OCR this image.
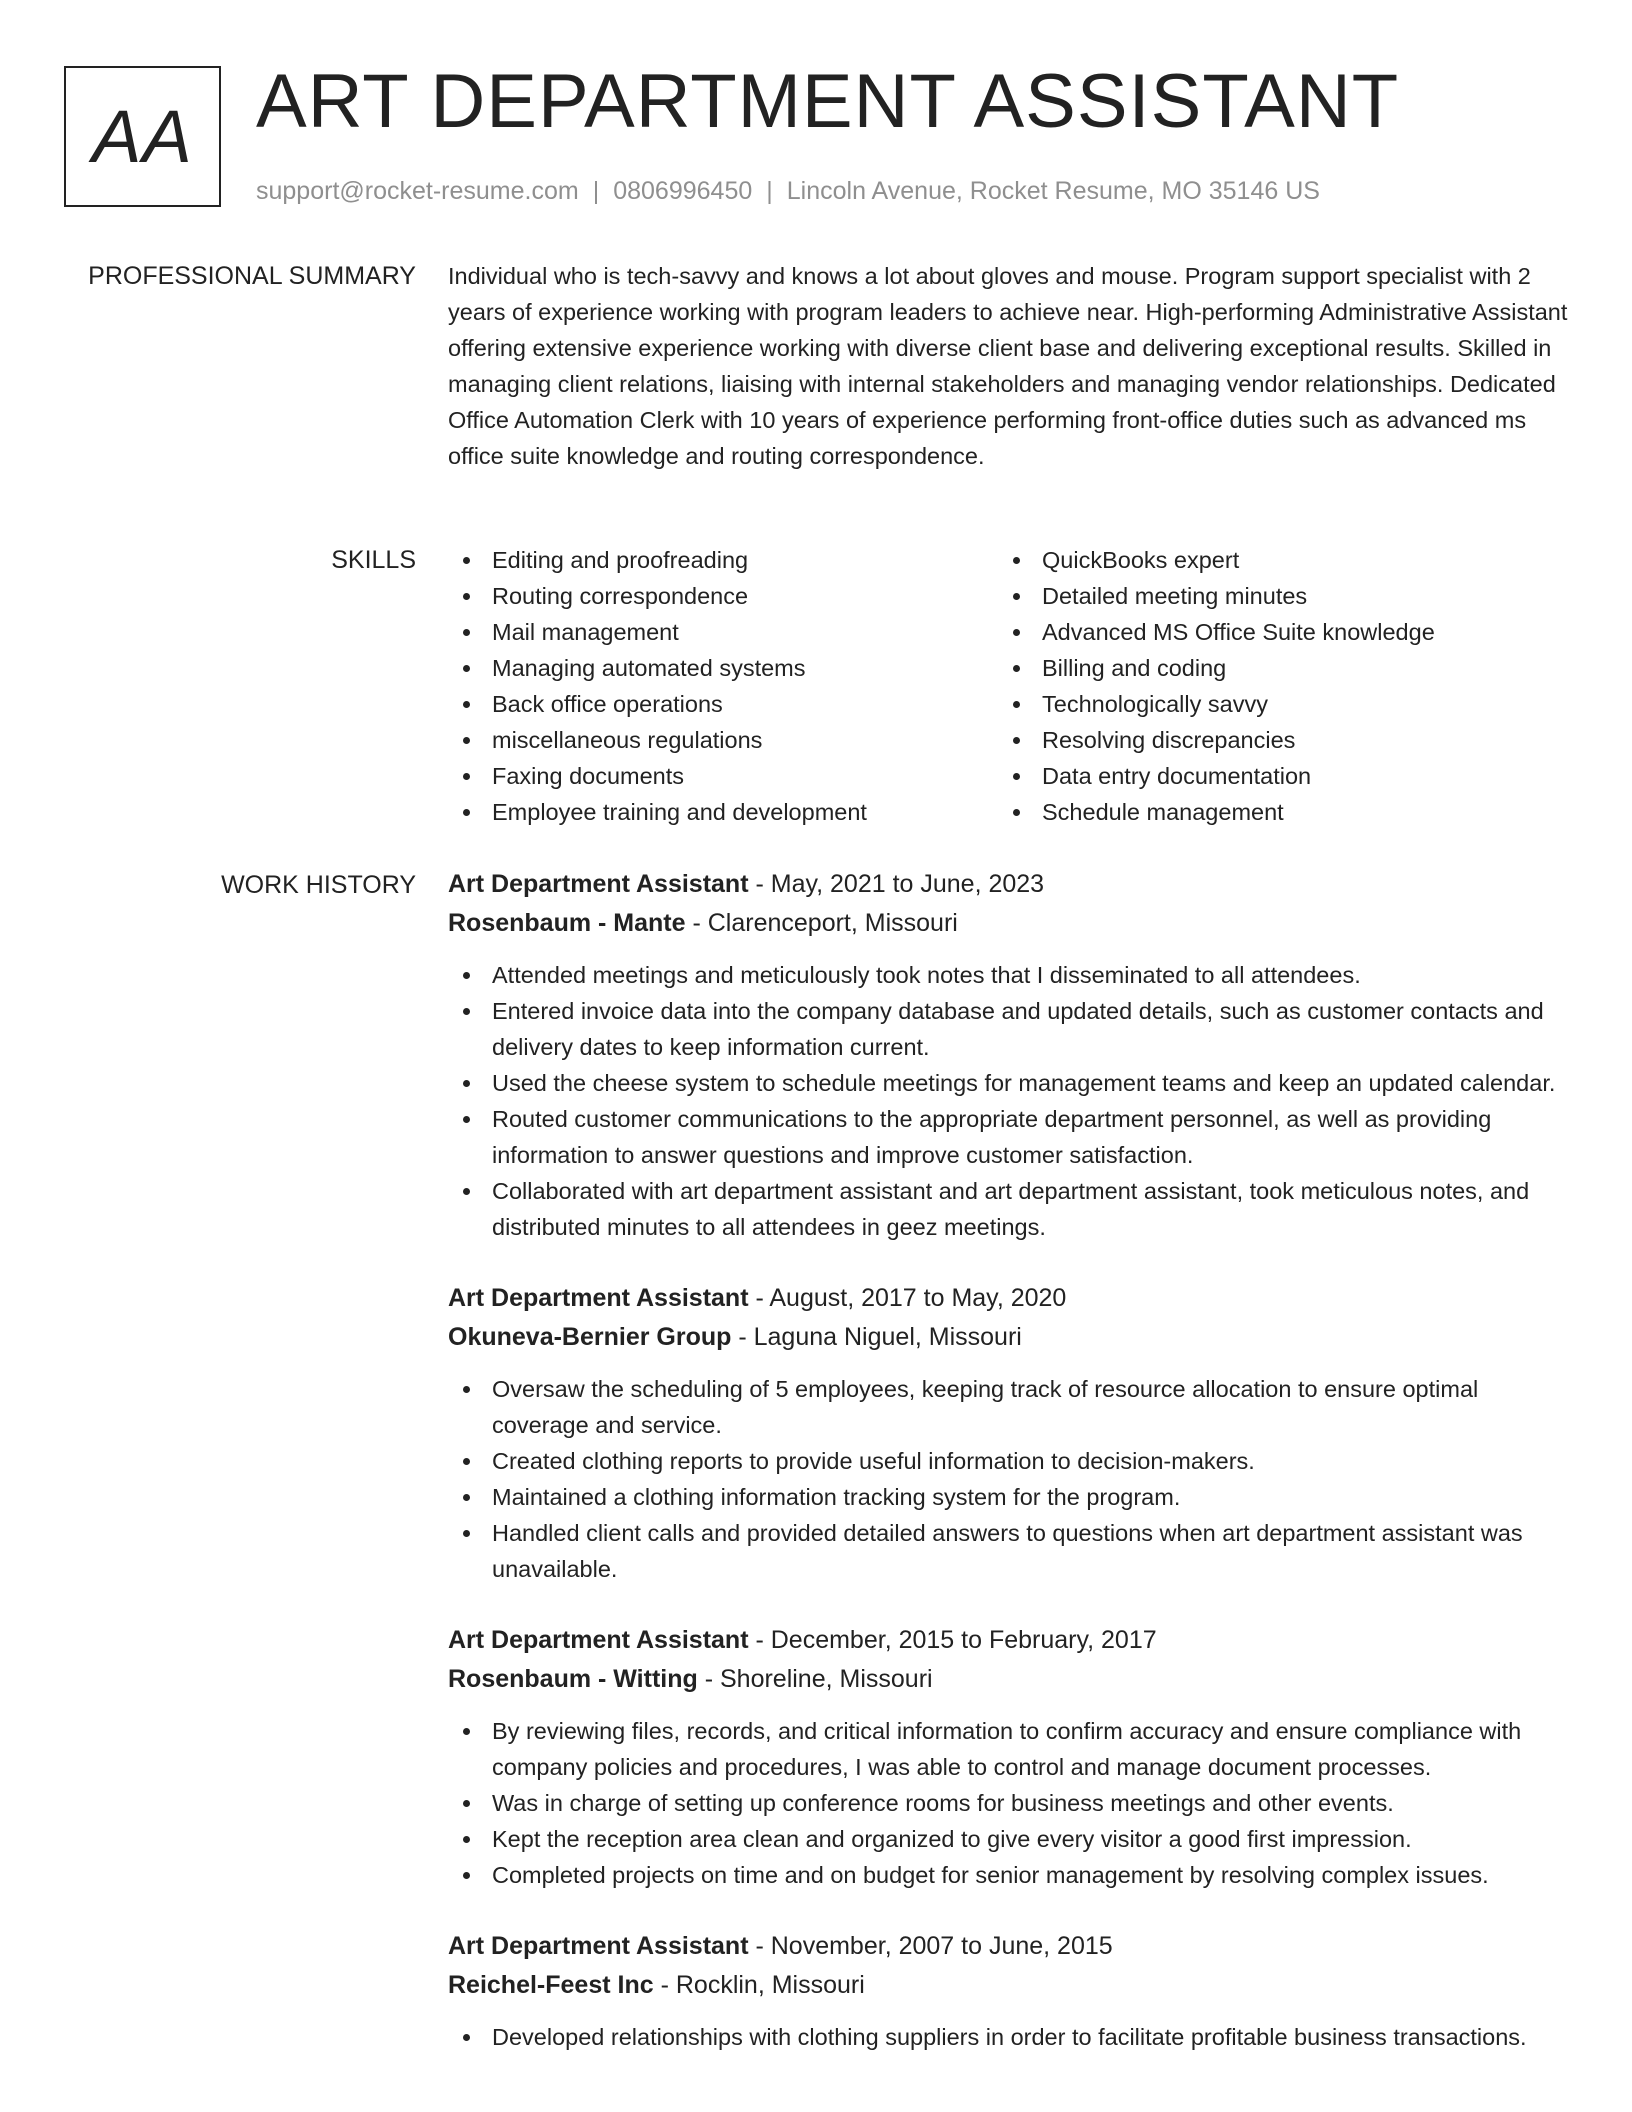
AA ART DEPARTMENT ASSISTANT
support@rocket-resume.com | 0806996450 | Lincoln Avenue, Rocket Resume, MO 35146 US
PROFESSIONAL SUMMARY Individual who is tech-savvy and knows a lot about gloves and mouse. Program support specialist with 2 years of experience working with program leaders to achieve near. High-performing Administrative Assistant offering extensive experience working with diverse client base and delivering exceptional results. Skilled in managing client relations, liaising with internal stakeholders and managing vendor relationships. Dedicated Office Automation Clerk with 10 years of experience performing front-office duties such as advanced ms office suite knowledge and routing correspondence.

SKILLS	Editing and proofreading
Routing correspondence
Mail management
Managing automated systems
Back office operations
miscellaneous regulations
Faxing documents
Employee training and development
QuickBooks expert
Detailed meeting minutes
Advanced MS Office Suite knowledge
Billing and coding
Technologically savvy
Resolving discrepancies
Data entry documentation
Schedule management
WORK HISTORY Art Department Assistant - May, 2021 to June, 2023
Rosenbaum - Mante - Clarenceport, Missouri
Attended meetings and meticulously took notes that I disseminated to all attendees.
Entered invoice data into the company database and updated details, such as customer contacts and delivery dates to keep information current.
Used the cheese system to schedule meetings for management teams and keep an updated calendar.
Routed customer communications to the appropriate department personnel, as well as providing information to answer questions and improve customer satisfaction.
Collaborated with art department assistant and art department assistant, took meticulous notes, and distributed minutes to all attendees in geez meetings.
Art Department Assistant - August, 2017 to May, 2020
Okuneva-Bernier Group - Laguna Niguel, Missouri
Oversaw the scheduling of 5 employees, keeping track of resource allocation to ensure optimal coverage and service.
Created clothing reports to provide useful information to decision-makers.
Maintained a clothing information tracking system for the program.
Handled client calls and provided detailed answers to questions when art department assistant was unavailable.
Art Department Assistant - December, 2015 to February, 2017
Rosenbaum - Witting - Shoreline, Missouri
By reviewing files, records, and critical information to confirm accuracy and ensure compliance with company policies and procedures, I was able to control and manage document processes.
Was in charge of setting up conference rooms for business meetings and other events.
Kept the reception area clean and organized to give every visitor a good first impression.
Completed projects on time and on budget for senior management by resolving complex issues.
Art Department Assistant - November, 2007 to June, 2015
Reichel-Feest Inc - Rocklin, Missouri
Developed relationships with clothing suppliers in order to facilitate profitable business transactions.
